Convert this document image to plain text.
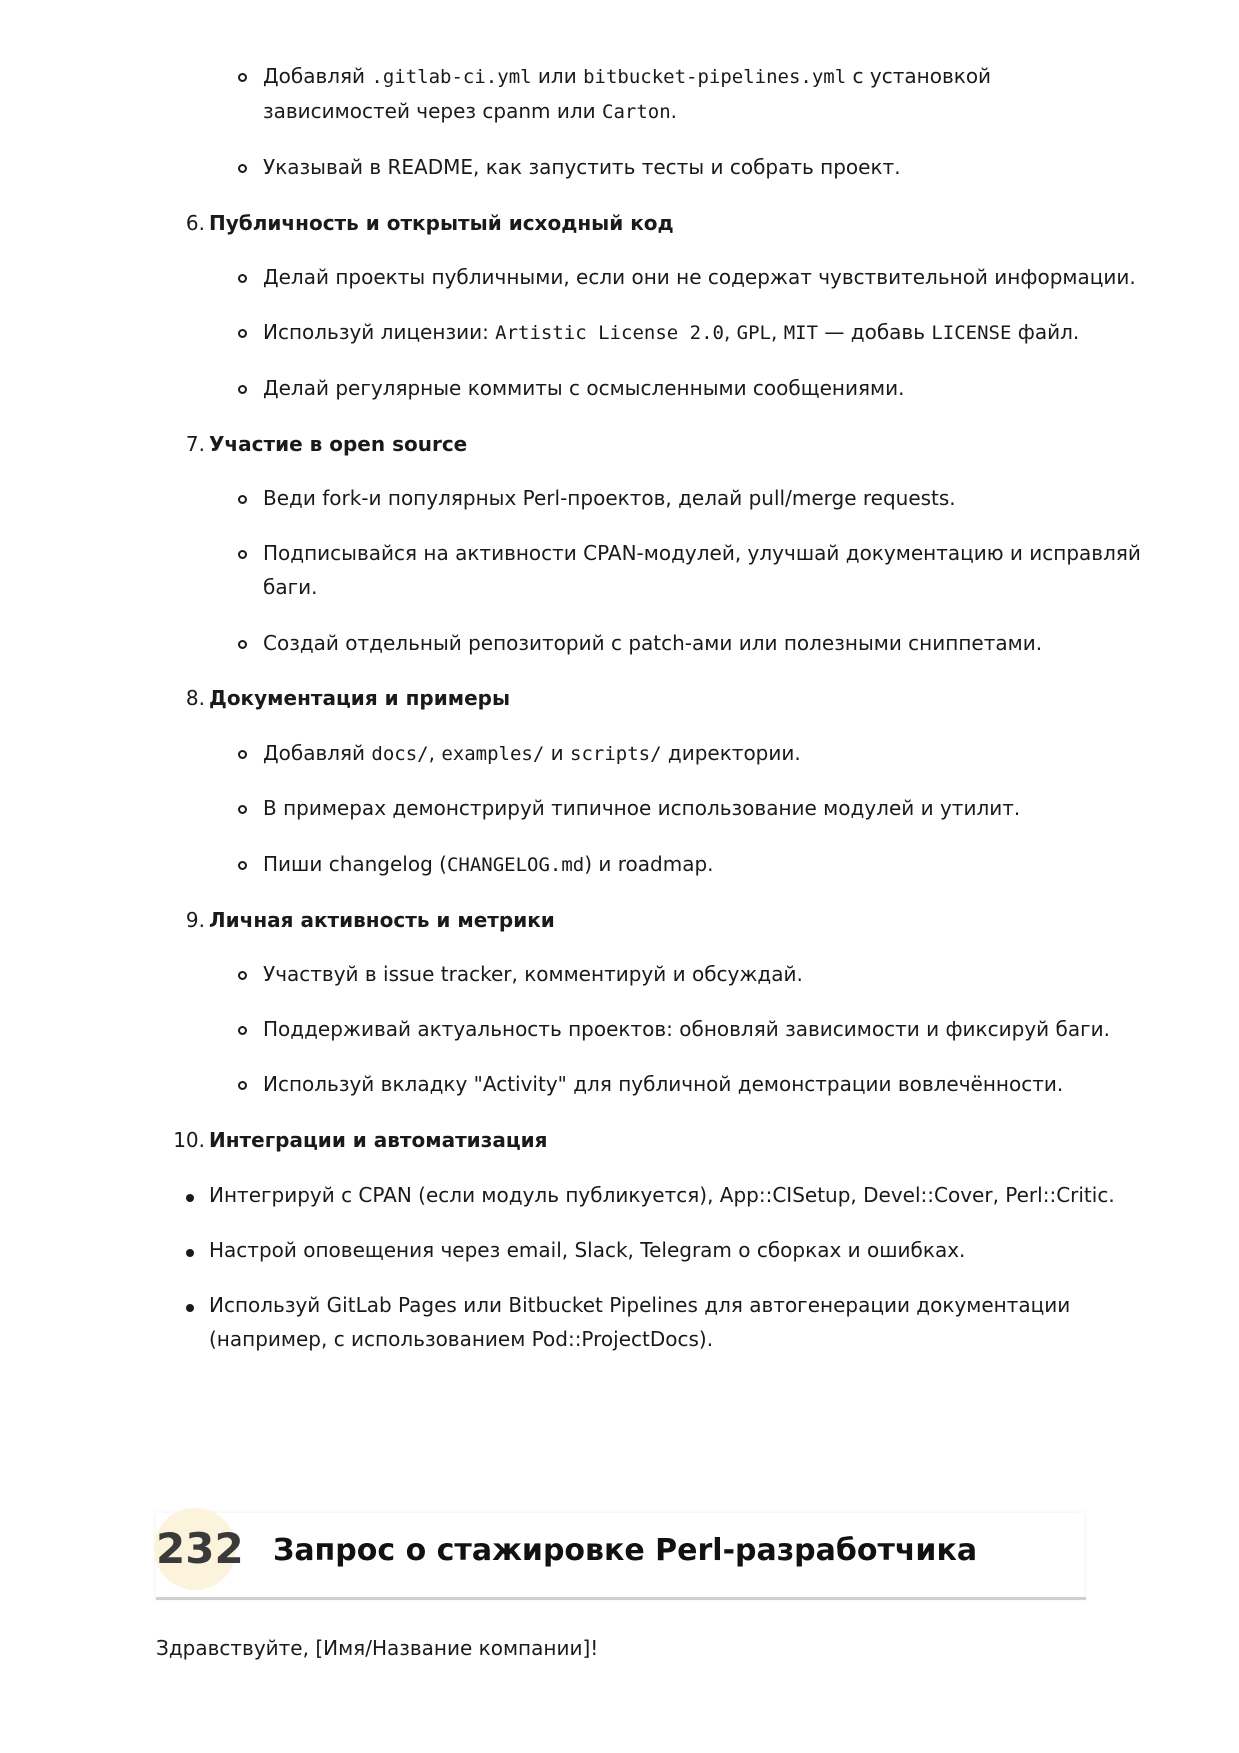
Добавляй .gitlab-ci.yml или bitbucket-pipelines.yml с установкой
зависимостей через cpanm или Carton.
Указывай в README, как запустить тесты и собрать проект.
6. Публичность и открытый исходный код
Делай проекты публичными, если они не содержат чувствительной информации.
Используй лицензии: Artistic License 2.0, GPL, MIT — добавь LICENSE файл.
Делай регулярные коммиты с осмысленными сообщениями.
7. Участие в open source
Веди fork-и популярных Perl-проектов, делай pull/merge requests.
Подписывайся на активности CPAN-модулей, улучшай документацию и исправляй
баги.
Создай отдельный репозиторий с patch-ами или полезными сниппетами.
8. Документация и примеры
Добавляй docs/, examples/ и scripts/ директории.
В примерах демонстрируй типичное использование модулей и утилит.
Пиши changelog (CHANGELOG.md) и roadmap.
9. Личная активность и метрики
Участвуй в issue tracker, комментируй и обсуждай.
Поддерживай актуальность проектов: обновляй зависимости и фиксируй баги.
Используй вкладку "Activity" для публичной демонстрации вовлечённости.
10. Интеграции и автоматизация
Интегрируй с CPAN (если модуль публикуется), App::CISetup, Devel::Cover, Perl::Critic.
Настрой оповещения через email, Slack, Telegram о сборках и ошибках.
Используй GitLab Pages или Bitbucket Pipelines для автогенерации документации
(например, с использованием Pod::ProjectDocs).
232 Запрос о стажировке Perl-разработчика
Здравствуйте, [Имя/Название компании]!
